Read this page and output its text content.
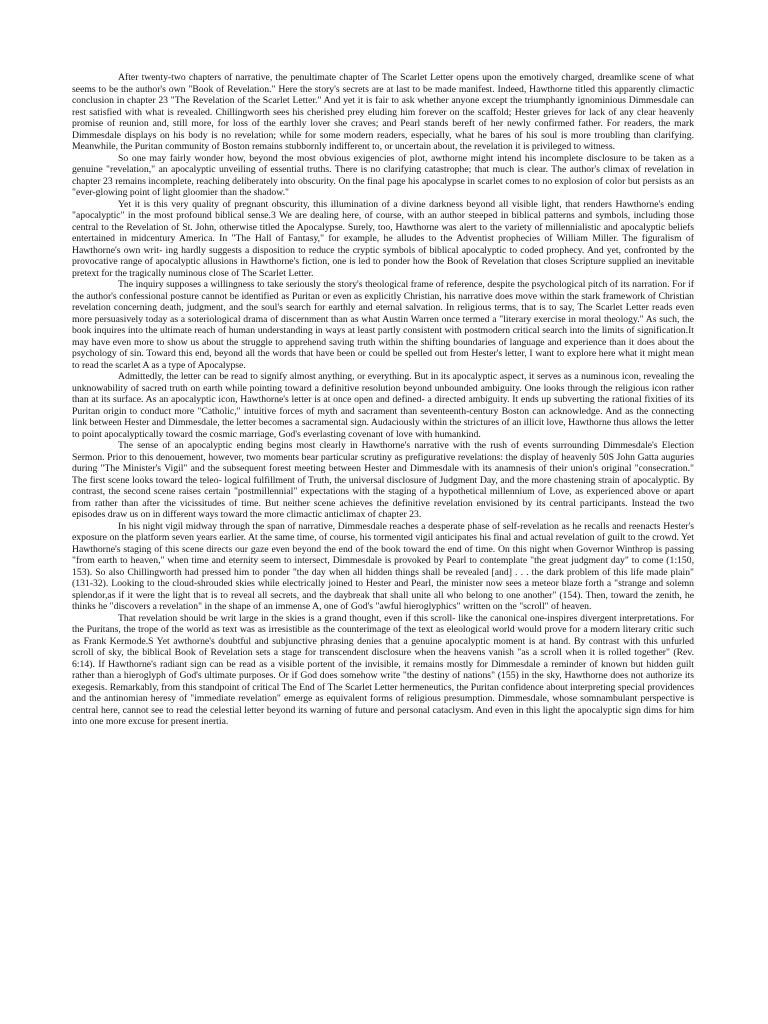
After twenty-two chapters of narrative, the penultimate chapter of The Scarlet Letter opens upon the emotively charged, dreamlike scene of what seems to be the author's own "Book of Revelation." Here the story's secrets are at last to be made manifest. Indeed, Hawthorne titled this apparently climactic conclusion in chapter 23 "The Revelation of the Scarlet Letter." And yet it is fair to ask whether anyone except the triumphantly ignominious Dimmesdale can rest satisfied with what is revealed. Chillingworth sees his cherished prey eluding him forever on the scaffold; Hester grieves for lack of any clear heavenly promise of reunion and, still more, for loss of the earthly lover she craves; and Pearl stands bereft of her newly confirmed father. For readers, the mark Dimmesdale displays on his body is no revelation; while for some modern readers, especially, what he bares of his soul is more troubling than clarifying. Meanwhile, the Puritan community of Boston remains stubbornly indifferent to, or uncertain about, the revelation it is privileged to witness.

So one may fairly wonder how, beyond the most obvious exigencies of plot, awthorne might intend his incomplete disclosure to be taken as a genuine "revelation," an apocalyptic unveiling of essential truths. There is no clarifying catastrophe; that much is clear. The author's climax of revelation in chapter 23 remains incomplete, reaching deliberately into obscurity. On the final page his apocalypse in scarlet comes to no explosion of color but persists as an "ever-glowing point of light gloomier than the shadow."

Yet it is this very quality of pregnant obscurity, this illumination of a divine darkness beyond all visible light, that renders Hawthorne's ending "apocalyptic" in the most profound biblical sense.3 We are dealing here, of course, with an author steeped in biblical patterns and symbols, including those central to the Revelation of St. John, otherwise titled the Apocalypse. Surely, too, Hawthorne was alert to the variety of millennialistic and apocalyptic beliefs entertained in midcentury America. In "The Hall of Fantasy," for example, he alludes to the Adventist prophecies of William Miller. The figuralism of Hawthorne's own writ- ing hardly suggests a disposition to reduce the cryptic symbols of biblical apocalyptic to coded prophecy. And yet, confronted by the provocative range of apocalyptic allusions in Hawthorne's fiction, one is led to ponder how the Book of Revelation that closes Scripture supplied an inevitable pretext for the tragically numinous close of The Scarlet Letter.

The inquiry supposes a willingness to take seriously the story's theological frame of reference, despite the psychological pitch of its narration. For if the author's confessional posture cannot be identified as Puritan or even as explicitly Christian, his narrative does move within the stark framework of Christian revelation concerning death, judgment, and the soul's search for earthly and eternal salvation. In religious terms, that is to say, The Scarlet Letter reads even more persuasively today as a soteriological drama of discernment than as what Austin Warren once termed a "literary exercise in moral theology." As such, the book inquires into the ultimate reach of human understanding in ways at least partly consistent with postmodern critical search into the limits of signification.It may have even more to show us about the struggle to apprehend saving truth within the shifting boundaries of language and experience than it does about the psychology of sin. Toward this end, beyond all the words that have been or could be spelled out from Hester's letter, I want to explore here what it might mean to read the scarlet A as a type of Apocalypse.

Admittedly, the letter can be read to signify almost anything, or everything. But in its apocalyptic aspect, it serves as a numinous icon, revealing the unknowability of sacred truth on earth while pointing toward a definitive resolution beyond unbounded ambiguity. One looks through the religious icon rather than at its surface. As an apocalyptic icon, Hawthorne's letter is at once open and defined- a directed ambiguity. It ends up subverting the rational fixities of its Puritan origin to conduct more "Catholic," intuitive forces of myth and sacrament than seventeenth-century Boston can acknowledge. And as the connecting link between Hester and Dimmesdale, the letter becomes a sacramental sign. Audaciously within the strictures of an illicit love, Hawthorne thus allows the letter to point apocalyptically toward the cosmic marriage, God's everlasting covenant of love with humankind.

The sense of an apocalyptic ending begins most clearly in Hawthorne's narrative with the rush of events surrounding Dimmesdale's Election Sermon. Prior to this denouement, however, two moments bear particular scrutiny as prefigurative revelations: the display of heavenly 50S John Gatta auguries during "The Minister's Vigil" and the subsequent forest meeting between Hester and Dimmesdale with its anamnesis of their union's original "consecration." The first scene looks toward the teleo- logical fulfillment of Truth, the universal disclosure of Judgment Day, and the more chastening strain of apocalyptic. By contrast, the second scene raises certain "postmillennial" expectations with the staging of a hypothetical millennium of Love, as experienced above or apart from rather than after the vicissitudes of time. But neither scene achieves the definitive revelation envisioned by its central participants. Instead the two episodes draw us on in different ways toward the more climactic anticlimax of chapter 23.

In his night vigil midway through the span of narrative, Dimmesdale reaches a desperate phase of self-revelation as he recalls and reenacts Hester's exposure on the platform seven years earlier. At the same time, of course, his tormented vigil anticipates his final and actual revelation of guilt to the crowd. Yet Hawthorne's staging of this scene directs our gaze even beyond the end of the book toward the end of time. On this night when Governor Winthrop is passing "from earth to heaven," when time and eternity seem to intersect, Dimmesdale is provoked by Pearl to contemplate "the great judgment day" to come (1:150, 153). So also Chillingworth had pressed him to ponder "the day when all hidden things shall be revealed [and] . . . the dark problem of this life made plain" (131-32). Looking to the cloud-shrouded skies while electrically joined to Hester and Pearl, the minister now sees a meteor blaze forth a "strange and solemn splendor,as if it were the light that is to reveal all secrets, and the daybreak that shall unite all who belong to one another" (154). Then, toward the zenith, he thinks he "discovers a revelation" in the shape of an immense A, one of God's "awful hieroglyphics" written on the "scroll" of heaven.

That revelation should be writ large in the skies is a grand thought, even if this scroll- like the canonical one-inspires divergent interpretations. For the Puritans, the trope of the world as text was as irresistible as the counterimage of the text as eleological world would prove for a modern literary critic such as Frank Kermode.S Yet awthorne's doubtful and subjunctive phrasing denies that a genuine apocalyptic moment is at hand. By contrast with this unfurled scroll of sky, the biblical Book of Revelation sets a stage for transcendent disclosure when the heavens vanish "as a scroll when it is rolled together" (Rev. 6:14). If Hawthorne's radiant sign can be read as a visible portent of the invisible, it remains mostly for Dimmesdale a reminder of known but hidden guilt rather than a hieroglyph of God's ultimate purposes. Or if God does somehow write "the destiny of nations" (155) in the sky, Hawthorne does not authorize its exegesis. Remarkably, from this standpoint of critical The End of The Scarlet Letter hermeneutics, the Puritan confidence about interpreting special providences and the antinomian heresy of "immediate revelation" emerge as equivalent forms of religious presumption. Dimmesdale, whose somnambulant perspective is central here, cannot see to read the celestial letter beyond its warning of future and personal cataclysm. And even in this light the apocalyptic sign dims for him into one more excuse for present inertia.
